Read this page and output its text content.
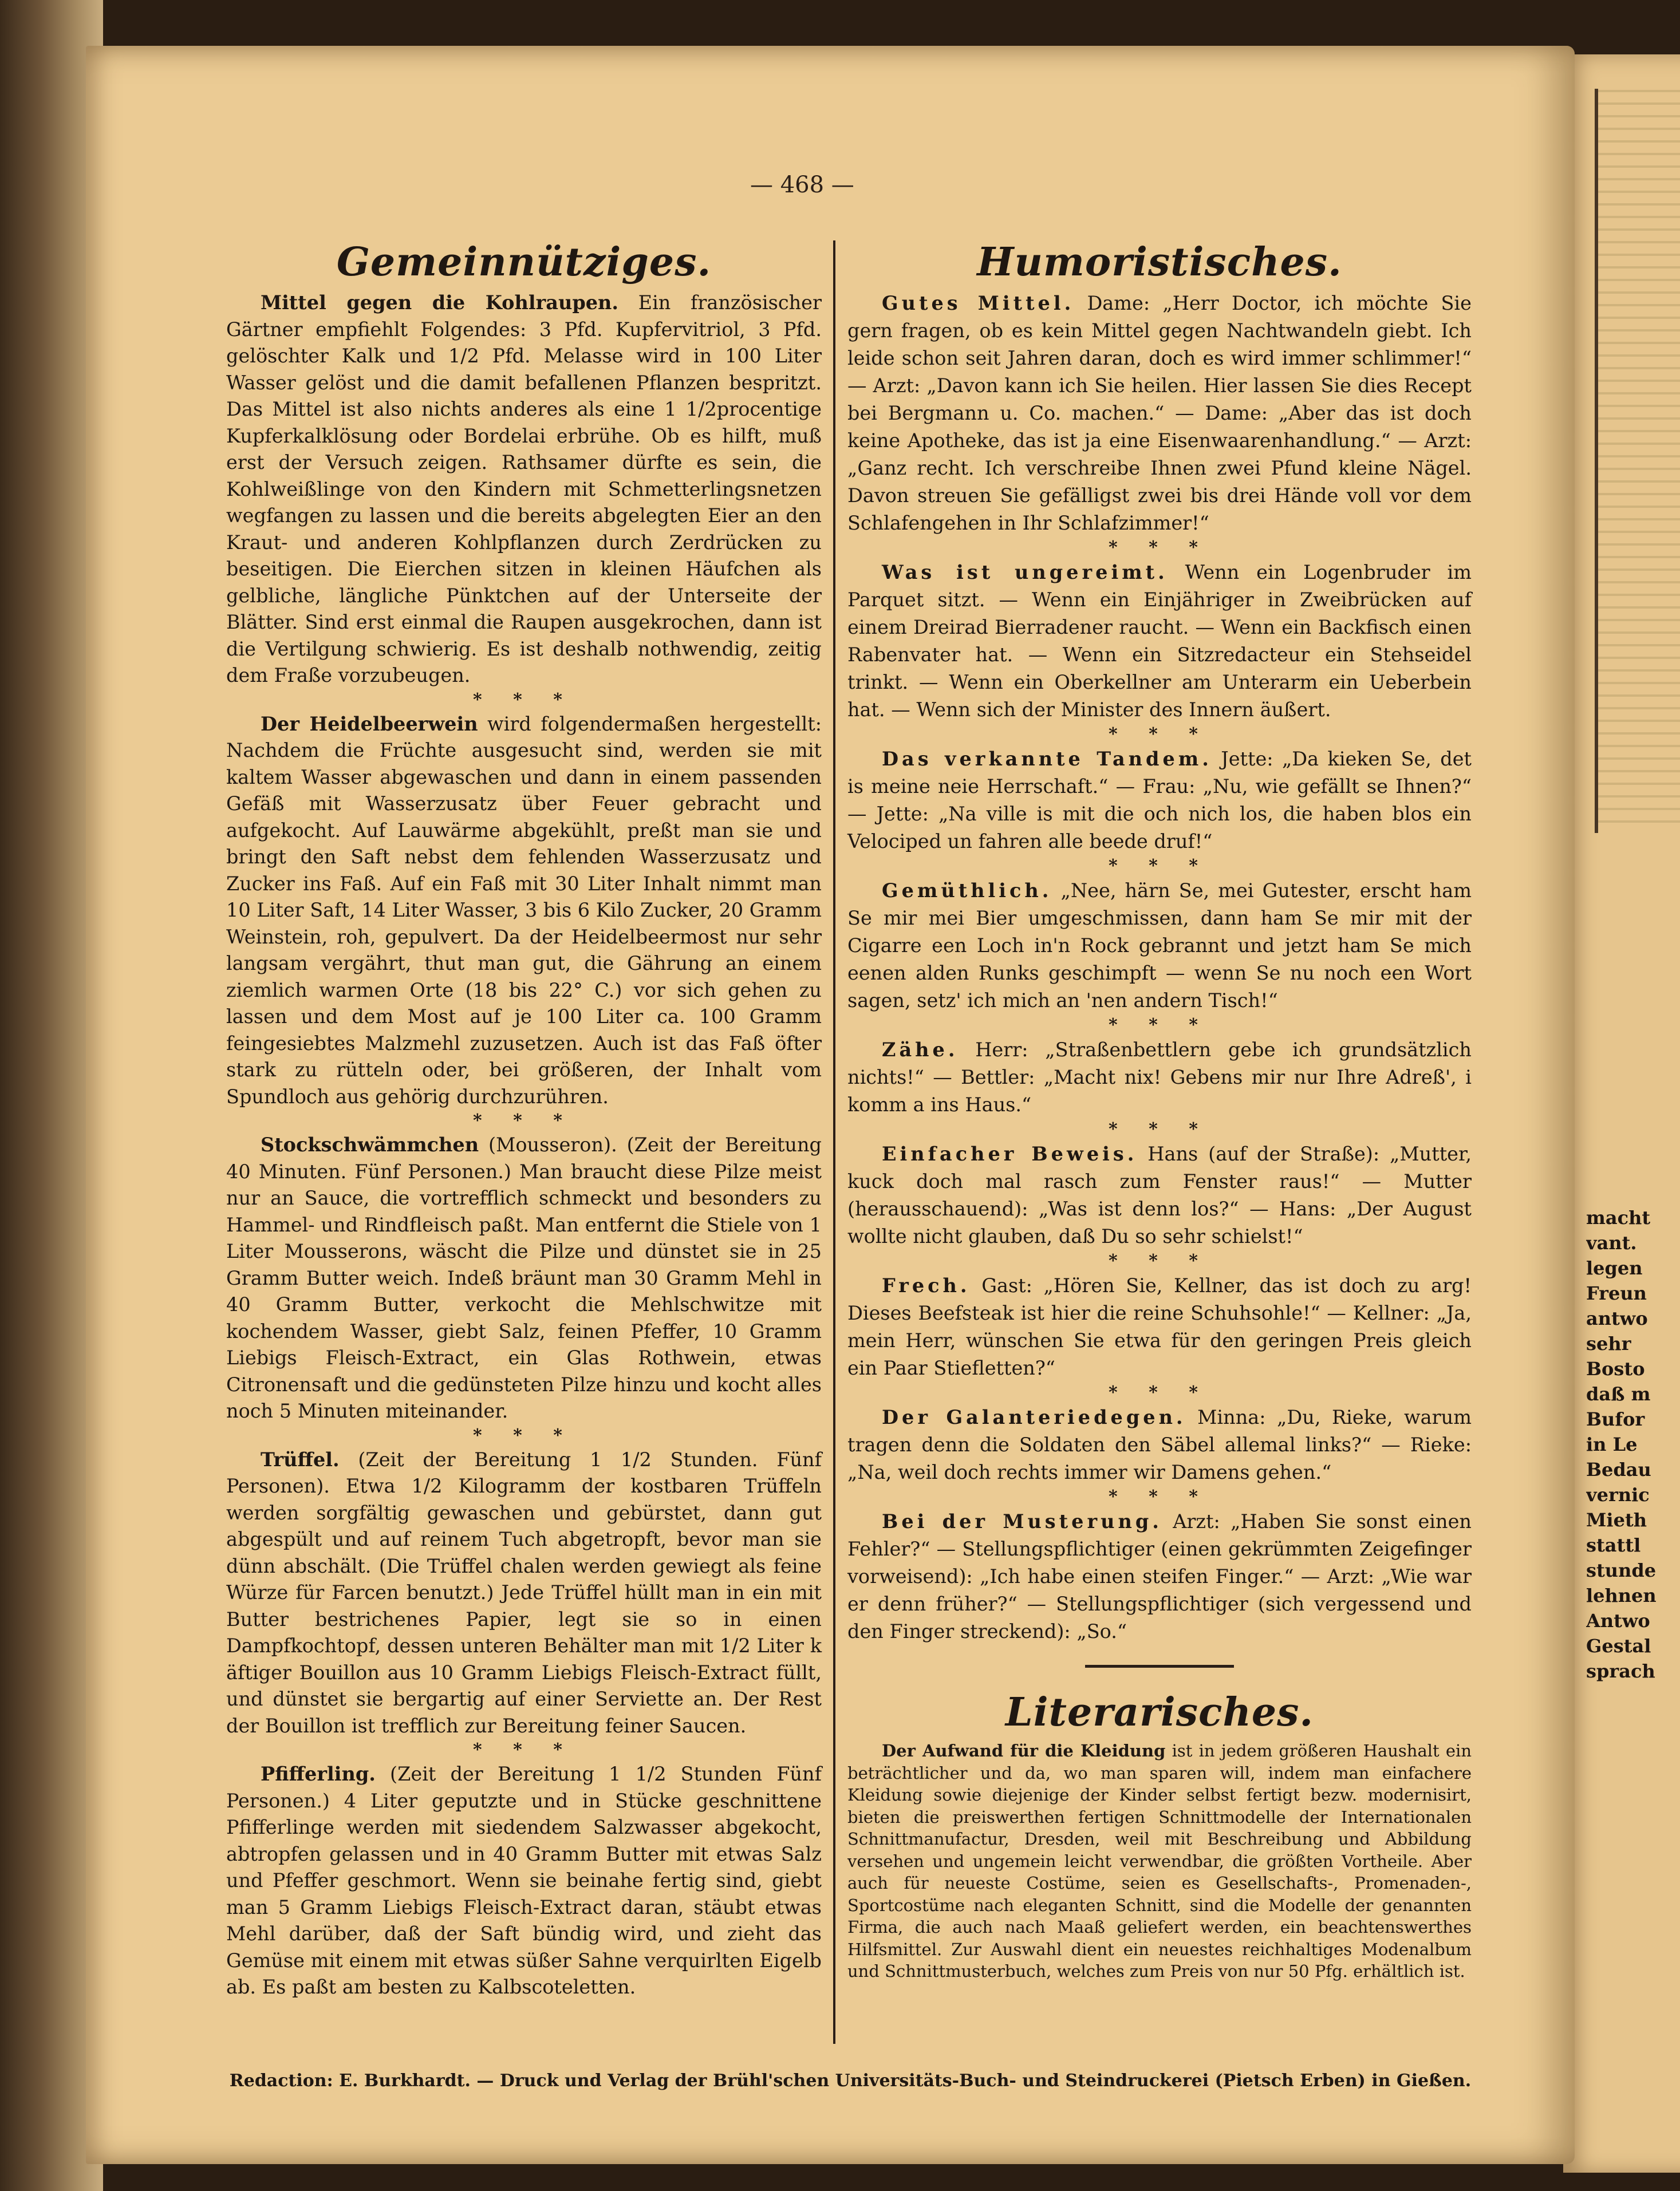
macht
vant.
legen
Freun
antwo
sehr
Bosto
daß m
Bufor
in Le
Bedau
vernic
Mieth
stattl
stunde
lehnen
Antwo
Gestal
sprach
— 468 —
Gemeinnütziges.

Mittel gegen die Kohlraupen. Ein französischer Gärtner empfiehlt Folgendes: 3 Pfd. Kupfervitriol, 3 Pfd. gelöschter Kalk und 1/2 Pfd. Melasse wird in 100 Liter Wasser gelöst und die damit befallenen Pflanzen bespritzt. Das Mittel ist also nichts anderes als eine 1 1/2procentige Kupferkalklösung oder Bordelai erbrühe. Ob es hilft, muß erst der Versuch zeigen. Rathsamer dürfte es sein, die Kohlweißlinge von den Kindern mit Schmetterlingsnetzen wegfangen zu lassen und die bereits abgelegten Eier an den Kraut- und anderen Kohlpflanzen durch Zerdrücken zu beseitigen. Die Eierchen sitzen in kleinen Häufchen als gelbliche, längliche Pünktchen auf der Unterseite der Blätter. Sind erst einmal die Raupen ausgekrochen, dann ist die Vertilgung schwierig. Es ist deshalb nothwendig, zeitig dem Fraße vorzubeugen.

* * *

Der Heidelbeerwein wird folgendermaßen hergestellt: Nachdem die Früchte ausgesucht sind, werden sie mit kaltem Wasser abgewaschen und dann in einem passenden Gefäß mit Wasserzusatz über Feuer gebracht und aufgekocht. Auf Lauwärme abgekühlt, preßt man sie und bringt den Saft nebst dem fehlenden Wasserzusatz und Zucker ins Faß. Auf ein Faß mit 30 Liter Inhalt nimmt man 10 Liter Saft, 14 Liter Wasser, 3 bis 6 Kilo Zucker, 20 Gramm Weinstein, roh, gepulvert. Da der Heidelbeermost nur sehr langsam vergährt, thut man gut, die Gährung an einem ziemlich warmen Orte (18 bis 22° C.) vor sich gehen zu lassen und dem Most auf je 100 Liter ca. 100 Gramm feingesiebtes Malzmehl zuzusetzen. Auch ist das Faß öfter stark zu rütteln oder, bei größeren, der Inhalt vom Spundloch aus gehörig durchzurühren.

* * *

Stockschwämmchen (Mousseron). (Zeit der Bereitung 40 Minuten. Fünf Personen.) Man braucht diese Pilze meist nur an Sauce, die vortrefflich schmeckt und besonders zu Hammel- und Rindfleisch paßt. Man entfernt die Stiele von 1 Liter Mousserons, wäscht die Pilze und dünstet sie in 25 Gramm Butter weich. Indeß bräunt man 30 Gramm Mehl in 40 Gramm Butter, verkocht die Mehlschwitze mit kochendem Wasser, giebt Salz, feinen Pfeffer, 10 Gramm Liebigs Fleisch-Extract, ein Glas Rothwein, etwas Citronensaft und die gedünsteten Pilze hinzu und kocht alles noch 5 Minuten miteinander.

* * *

Trüffel. (Zeit der Bereitung 1 1/2 Stunden. Fünf Personen). Etwa 1/2 Kilogramm der kostbaren Trüffeln werden sorgfältig gewaschen und gebürstet, dann gut abgespült und auf reinem Tuch abgetropft, bevor man sie dünn abschält. (Die Trüffel chalen werden gewiegt als feine Würze für Farcen benutzt.) Jede Trüffel hüllt man in ein mit Butter bestrichenes Papier, legt sie so in einen Dampfkochtopf, dessen unteren Behälter man mit 1/2 Liter k äftiger Bouillon aus 10 Gramm Liebigs Fleisch-Extract füllt, und dünstet sie bergartig auf einer Serviette an. Der Rest der Bouillon ist trefflich zur Bereitung feiner Saucen.

* * *

Pfifferling. (Zeit der Bereitung 1 1/2 Stunden Fünf Personen.) 4 Liter geputzte und in Stücke geschnittene Pfifferlinge werden mit siedendem Salzwasser abgekocht, abtropfen gelassen und in 40 Gramm Butter mit etwas Salz und Pfeffer geschmort. Wenn sie beinahe fertig sind, giebt man 5 Gramm Liebigs Fleisch-Extract daran, stäubt etwas Mehl darüber, daß der Saft bündig wird, und zieht das Gemüse mit einem mit etwas süßer Sahne verquirlten Eigelb ab. Es paßt am besten zu Kalbscoteletten.

Humoristisches.

Gutes Mittel. Dame: „Herr Doctor, ich möchte Sie gern fragen, ob es kein Mittel gegen Nachtwandeln giebt. Ich leide schon seit Jahren daran, doch es wird immer schlimmer!“ — Arzt: „Davon kann ich Sie heilen. Hier lassen Sie dies Recept bei Bergmann u. Co. machen.“ — Dame: „Aber das ist doch keine Apotheke, das ist ja eine Eisenwaarenhandlung.“ — Arzt: „Ganz recht. Ich verschreibe Ihnen zwei Pfund kleine Nägel. Davon streuen Sie gefälligst zwei bis drei Hände voll vor dem Schlafengehen in Ihr Schlafzimmer!“

* * *

Was ist ungereimt. Wenn ein Logenbruder im Parquet sitzt. — Wenn ein Einjähriger in Zweibrücken auf einem Dreirad Bierradener raucht. — Wenn ein Backfisch einen Rabenvater hat. — Wenn ein Sitzredacteur ein Stehseidel trinkt. — Wenn ein Oberkellner am Unterarm ein Ueberbein hat. — Wenn sich der Minister des Innern äußert.

* * *

Das verkannte Tandem. Jette: „Da kieken Se, det is meine neie Herrschaft.“ — Frau: „Nu, wie gefällt se Ihnen?“ — Jette: „Na ville is mit die och nich los, die haben blos ein Velociped un fahren alle beede druf!“

* * *

Gemüthlich. „Nee, härn Se, mei Gutester, erscht ham Se mir mei Bier umgeschmissen, dann ham Se mir mit der Cigarre een Loch in'n Rock gebrannt und jetzt ham Se mich eenen alden Runks geschimpft — wenn Se nu noch een Wort sagen, setz' ich mich an 'nen andern Tisch!“

* * *

Zähe. Herr: „Straßenbettlern gebe ich grundsätzlich nichts!“ — Bettler: „Macht nix! Gebens mir nur Ihre Adreß', i komm a ins Haus.“

* * *

Einfacher Beweis. Hans (auf der Straße): „Mutter, kuck doch mal rasch zum Fenster raus!“ — Mutter (herausschauend): „Was ist denn los?“ — Hans: „Der August wollte nicht glauben, daß Du so sehr schielst!“

* * *

Frech. Gast: „Hören Sie, Kellner, das ist doch zu arg! Dieses Beefsteak ist hier die reine Schuhsohle!“ — Kellner: „Ja, mein Herr, wünschen Sie etwa für den geringen Preis gleich ein Paar Stiefletten?“

* * *

Der Galanteriedegen. Minna: „Du, Rieke, warum tragen denn die Soldaten den Säbel allemal links?“ — Rieke: „Na, weil doch rechts immer wir Damens gehen.“

* * *

Bei der Musterung. Arzt: „Haben Sie sonst einen Fehler?“ — Stellungspflichtiger (einen gekrümmten Zeigefinger vorweisend): „Ich habe einen steifen Finger.“ — Arzt: „Wie war er denn früher?“ — Stellungspflichtiger (sich vergessend und den Finger streckend): „So.“

Literarisches.

Der Aufwand für die Kleidung ist in jedem größeren Haushalt ein beträchtlicher und da, wo man sparen will, indem man einfachere Kleidung sowie diejenige der Kinder selbst fertigt bezw. modernisirt, bieten die preiswerthen fertigen Schnittmodelle der Internationalen Schnittmanufactur, Dresden, weil mit Beschreibung und Abbildung versehen und ungemein leicht verwendbar, die größten Vortheile. Aber auch für neueste Costüme, seien es Gesellschafts-, Promenaden-, Sportcostüme nach eleganten Schnitt, sind die Modelle der genannten Firma, die auch nach Maaß geliefert werden, ein beachtenswerthes Hilfsmittel. Zur Auswahl dient ein neuestes reichhaltiges Modenalbum und Schnittmusterbuch, welches zum Preis von nur 50 Pfg. erhältlich ist.

Redaction: E. Burkhardt. — Druck und Verlag der Brühl'schen Universitäts-Buch- und Steindruckerei (Pietsch Erben) in Gießen.
